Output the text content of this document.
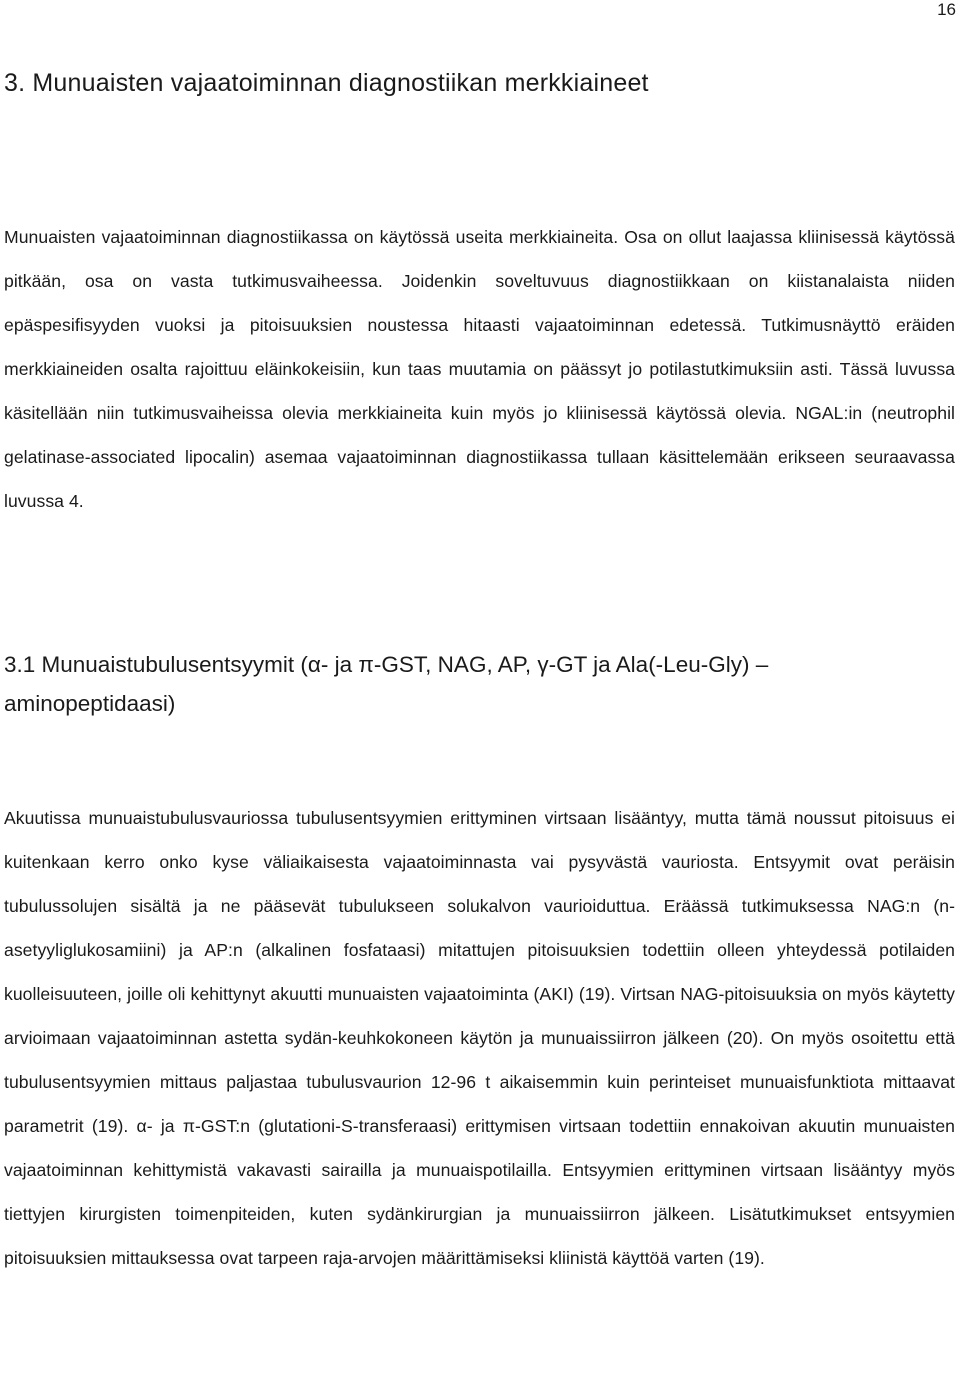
16
3. Munuaisten vajaatoiminnan diagnostiikan merkkiaineet

Munuaisten vajaatoiminnan diagnostiikassa on käytössä useita merkkiaineita. Osa on ollut laajassa kliinisessä käytössä pitkään, osa on vasta tutkimusvaiheessa. Joidenkin soveltuvuus diagnostiikkaan on kiistanalaista niiden epäspesifisyyden vuoksi ja pitoisuuksien noustessa hitaasti vajaatoiminnan edetessä. Tutkimusnäyttö eräiden merkkiaineiden osalta rajoittuu eläinkokeisiin, kun taas muutamia on päässyt jo potilastutkimuksiin asti. Tässä luvussa käsitellään niin tutkimusvaiheissa olevia merkkiaineita kuin myös jo kliinisessä käytössä olevia. NGAL:in (neutrophil gelatinase-associated lipocalin) asemaa vajaatoiminnan diagnostiikassa tullaan käsittelemään erikseen seuraavassa luvussa 4.

3.1 Munuaistubulusentsyymit (α- ja π-GST, NAG, AP, γ-GT ja Ala(-Leu-Gly) – aminopeptidaasi)

Akuutissa munuaistubulusvauriossa tubulusentsyymien erittyminen virtsaan lisääntyy, mutta tämä noussut pitoisuus ei kuitenkaan kerro onko kyse väliaikaisesta vajaatoiminnasta vai pysyvästä vauriosta. Entsyymit ovat peräisin tubulussolujen sisältä ja ne pääsevät tubulukseen solukalvon vaurioiduttua. Eräässä tutkimuksessa NAG:n (n-asetyyliglukosamiini) ja AP:n (alkalinen fosfataasi) mitattujen pitoisuuksien todettiin olleen yhteydessä potilaiden kuolleisuuteen, joille oli kehittynyt akuutti munuaisten vajaatoiminta (AKI) (19). Virtsan NAG-pitoisuuksia on myös käytetty arvioimaan vajaatoiminnan astetta sydän-keuhkokoneen käytön ja munuaissiirron jälkeen (20). On myös osoitettu että tubulusentsyymien mittaus paljastaa tubulusvaurion 12-96 t aikaisemmin kuin perinteiset munuaisfunktiota mittaavat parametrit (19). α- ja π-GST:n (glutationi-S-transferaasi) erittymisen virtsaan todettiin ennakoivan akuutin munuaisten vajaatoiminnan kehittymistä vakavasti sairailla ja munuaispotilailla. Entsyymien erittyminen virtsaan lisääntyy myös tiettyjen kirurgisten toimenpiteiden, kuten sydänkirurgian ja munuaissiirron jälkeen. Lisätutkimukset entsyymien pitoisuuksien mittauksessa ovat tarpeen raja-arvojen määrittämiseksi kliinistä käyttöä varten (19).
